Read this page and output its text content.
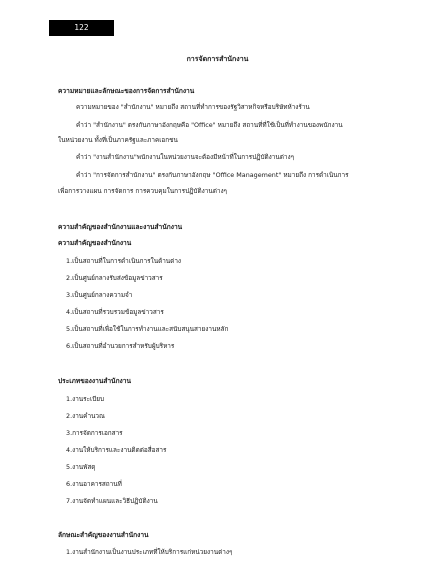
122
การจัดการสำนักงาน
ความหมายและลักษณะของการจัดการสำนักงาน
ความหมายของ "สำนักงาน" หมายถึง สถานที่ทำการของรัฐวิสาหกิจหรือบริษัทห้างร้าน
คำว่า "สำนักงาน" ตรงกับภาษาอังกฤษคือ "Office" หมายถึง สถานที่ที่ใช้เป็นที่ทำงานของพนักงาน
ในหน่วยงาน ทั้งที่เป็นภาครัฐและภาคเอกชน
คำว่า "งานสำนักงาน"พนักงานในหน่วยงานจะต้องมีหน้าที่ในการปฏิบัติงานต่างๆ
คำว่า "การจัดการสำนักงาน" ตรงกับภาษาอังกฤษ "Office Management" หมายถึง การดำเนินการ
เพื่อการวางแผน การจัดการ การควบคุมในการปฏิบัติงานต่างๆ
ความสำคัญของสำนักงานและงานสำนักงาน
ความสำคัญของสำนักงาน
1.เป็นสถานที่ในการดำเนินการในด้านต่าง
2.เป็นศูนย์กลางรับส่งข้อมูลข่าวสาร
3.เป็นศูนย์กลางความจำ
4.เป็นสถานที่รวบรวมข้อมูลข่าวสาร
5.เป็นสถานที่เพื่อใช้ในการทำงานและสนับสนุนสายงานหลัก
6.เป็นสถานที่อำนวยการสำหรับผู้บริหาร
ประเภทของงานสำนักงาน
1.งานระเบียบ
2.งานคำนวณ
3.การจัดการเอกสาร
4.งานให้บริการและงานติดต่อสื่อสาร
5.งานพัสดุ
6.งานอาคารสถานที่
7.งานจัดทำแผนและวิธีปฏิบัติงาน
ลักษณะสำคัญของงานสำนักงาน
1.งานสำนักงานเป็นงานประเภทที่ให้บริการแก่หน่วยงานต่างๆ
